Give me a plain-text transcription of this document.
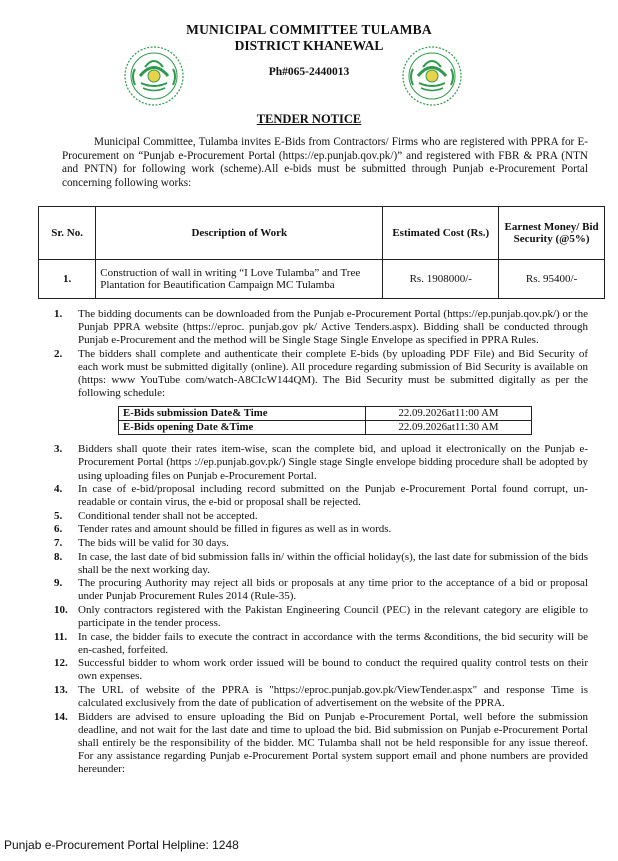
MUNICIPAL COMMITTEE TULAMBA
DISTRICT KHANEWAL
Ph#065-2440013
TENDER NOTICE

Municipal Committee, Tulamba invites E-Bids from Contractors/ Firms who are registered with PPRA for E-Procurement on “Punjab e-Procurement Portal (https://ep.punjab.qov.pk/)” and registered with FBR & PRA (NTN and PNTN) for following work (scheme).All e-bids must be submitted through Punjab e-Procurement Portal concerning following works:

Sr. No.	Description of Work	Estimated Cost (Rs.)	Earnest Money/ Bid Security (@5%)
1.	Construction of wall in writing “I Love Tulamba” and Tree Plantation for Beautification Campaign MC Tulamba	Rs. 1908000/-	Rs. 95400/-
1. The bidding documents can be downloaded from the Punjab e-Procurement Portal (https://ep.punjab.qov.pk/) or the Punjab PPRA website (https://eproc. punjab.gov pk/ Active Tenders.aspx). Bidding shall be conducted through Punjab e-Procurement and the method will be Single Stage Single Envelope as specified in PPRA Rules.
2. The bidders shall complete and authenticate their complete E-bids (by uploading PDF File) and Bid Security of each work must be submitted digitally (online). All procedure regarding submission of Bid Security is available on (https: www YouTube com/watch-A8CIcW144QM). The Bid Security must be submitted digitally as per the following schedule:
E-Bids submission Date& Time	22.09.2026at11:00 AM
E-Bids opening Date &Time	22.09.2026at11:30 AM
3. Bidders shall quote their rates item-wise, scan the complete bid, and upload it electronically on the Punjab e-Procurement Portal (https ://ep.punjab.gov.pk/) Single stage Single envelope bidding procedure shall be adopted by using uploading files on Punjab e-Procurement Portal.
4. In case of e-bid/proposal including record submitted on the Punjab e-Procurement Portal found corrupt, un-readable or contain virus, the e-bid or proposal shall be rejected.
5. Conditional tender shall not be accepted.
6. Tender rates and amount should be filled in figures as well as in words.
7. The bids will be valid for 30 days.
8. In case, the last date of bid submission falls in/ within the official holiday(s), the last date for submission of the bids shall be the next working day.
9. The procuring Authority may reject all bids or proposals at any time prior to the acceptance of a bid or proposal under Punjab Procurement Rules 2014 (Rule-35).
10. Only contractors registered with the Pakistan Engineering Council (PEC) in the relevant category are eligible to participate in the tender process.
11. In case, the bidder fails to execute the contract in accordance with the terms &conditions, the bid security will be en-cashed, forfeited.
12. Successful bidder to whom work order issued will be bound to conduct the required quality control tests on their own expenses.
13. The URL of website of the PPRA is "https://eproc.punjab.gov.pk/ViewTender.aspx" and response Time is calculated exclusively from the date of publication of advertisement on the website of the PPRA.
14. Bidders are advised to ensure uploading the Bid on Punjab e-Procurement Portal, well before the submission deadline, and not wait for the last date and time to upload the bid. Bid submission on Punjab e-Procurement Portal shall entirely be the responsibility of the bidder. MC Tulamba shall not be held responsible for any issue thereof. For any assistance regarding Punjab e-Procurement Portal system support email and phone numbers are provided hereunder:
Punjab e-Procurement Portal Helpline: 1248
